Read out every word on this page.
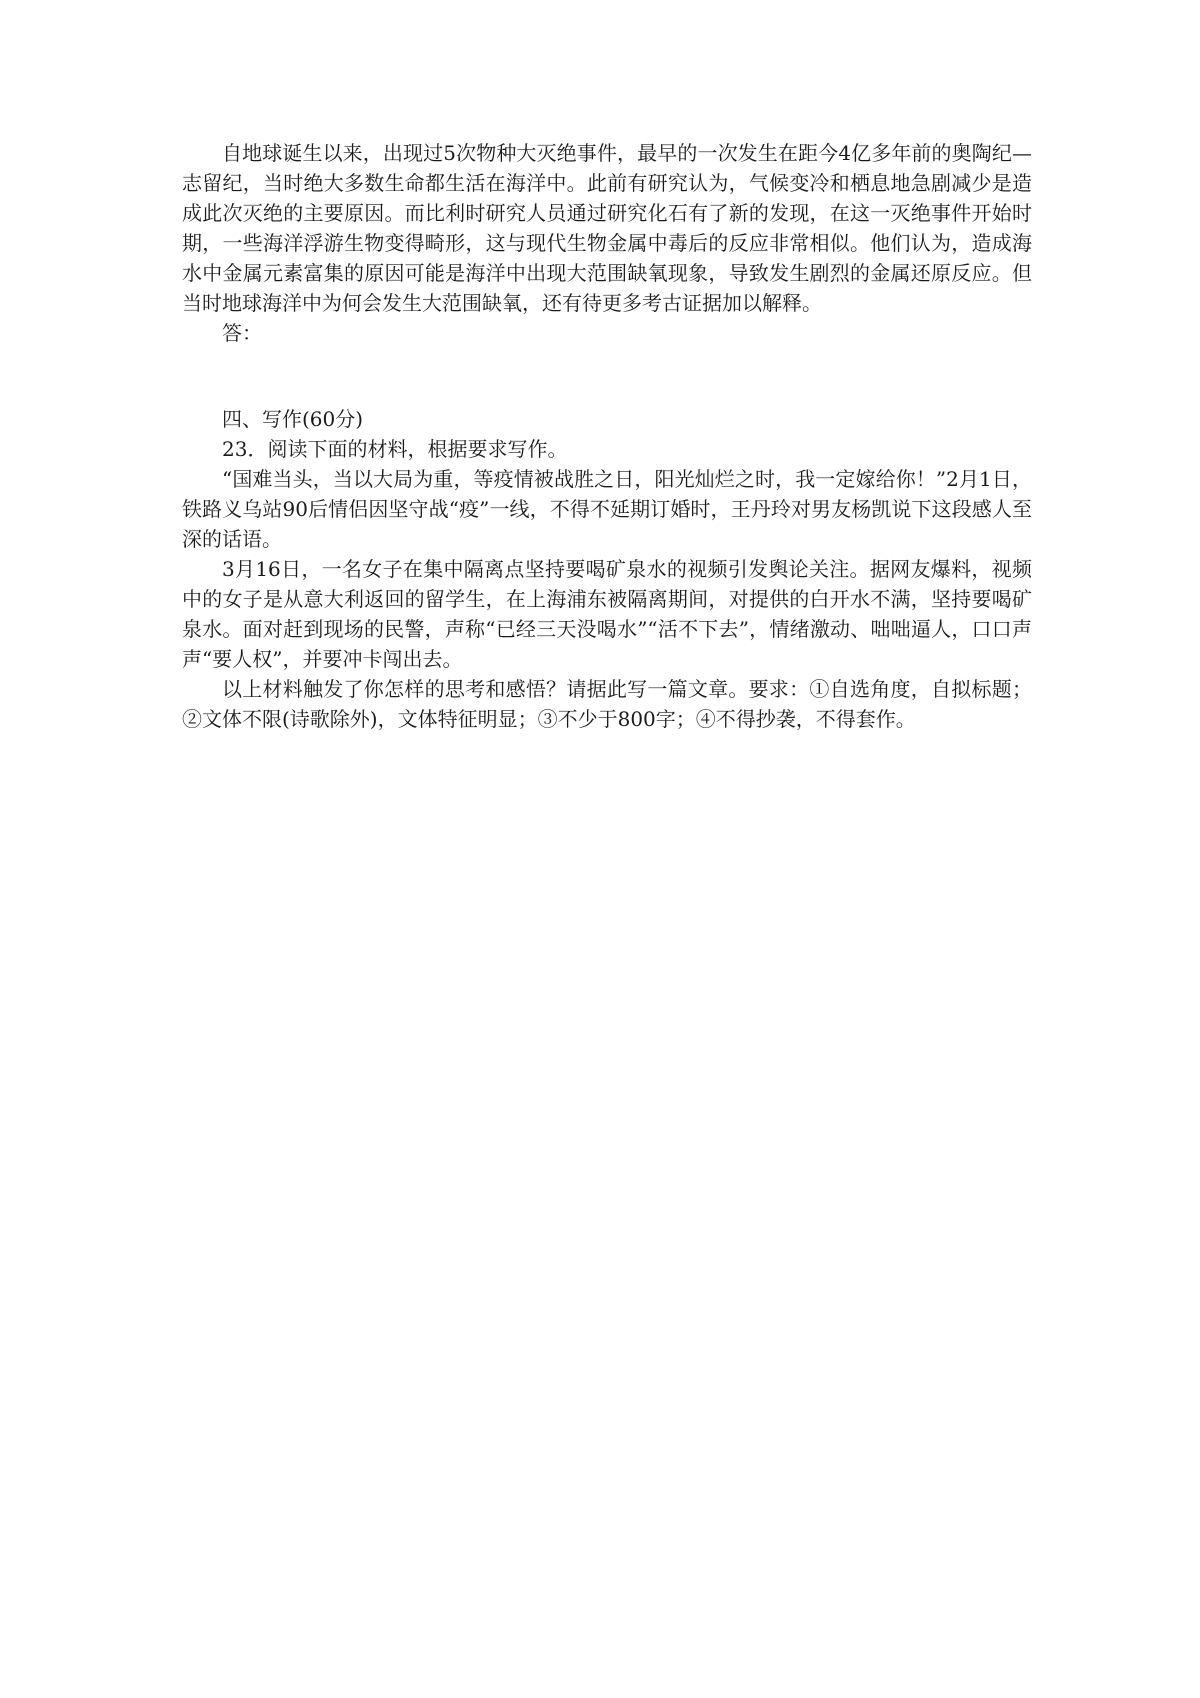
自地球诞生以来，出现过5次物种大灭绝事件，最早的一次发生在距今4亿多年前的奥陶纪—志留纪，当时绝大多数生命都生活在海洋中。此前有研究认为，气候变冷和栖息地急剧减少是造成此次灭绝的主要原因。而比利时研究人员通过研究化石有了新的发现，在这一灭绝事件开始时期，一些海洋浮游生物变得畸形，这与现代生物金属中毒后的反应非常相似。他们认为，造成海水中金属元素富集的原因可能是海洋中出现大范围缺氧现象，导致发生剧烈的金属还原反应。但当时地球海洋中为何会发生大范围缺氧，还有待更多考古证据加以解释。

答：

四、写作(60分)

23．阅读下面的材料，根据要求写作。

“国难当头，当以大局为重，等疫情被战胜之日，阳光灿烂之时，我一定嫁给你！”2月1日，铁路义乌站90后情侣因坚守战“疫”一线，不得不延期订婚时，王丹玲对男友杨凯说下这段感人至深的话语。

3月16日，一名女子在集中隔离点坚持要喝矿泉水的视频引发舆论关注。据网友爆料，视频中的女子是从意大利返回的留学生，在上海浦东被隔离期间，对提供的白开水不满，坚持要喝矿泉水。面对赶到现场的民警，声称“已经三天没喝水”“活不下去”，情绪激动、咄咄逼人，口口声声“要人权”，并要冲卡闯出去。

以上材料触发了你怎样的思考和感悟？请据此写一篇文章。要求：①自选角度，自拟标题；②文体不限(诗歌除外)，文体特征明显；③不少于800字；④不得抄袭，不得套作。
